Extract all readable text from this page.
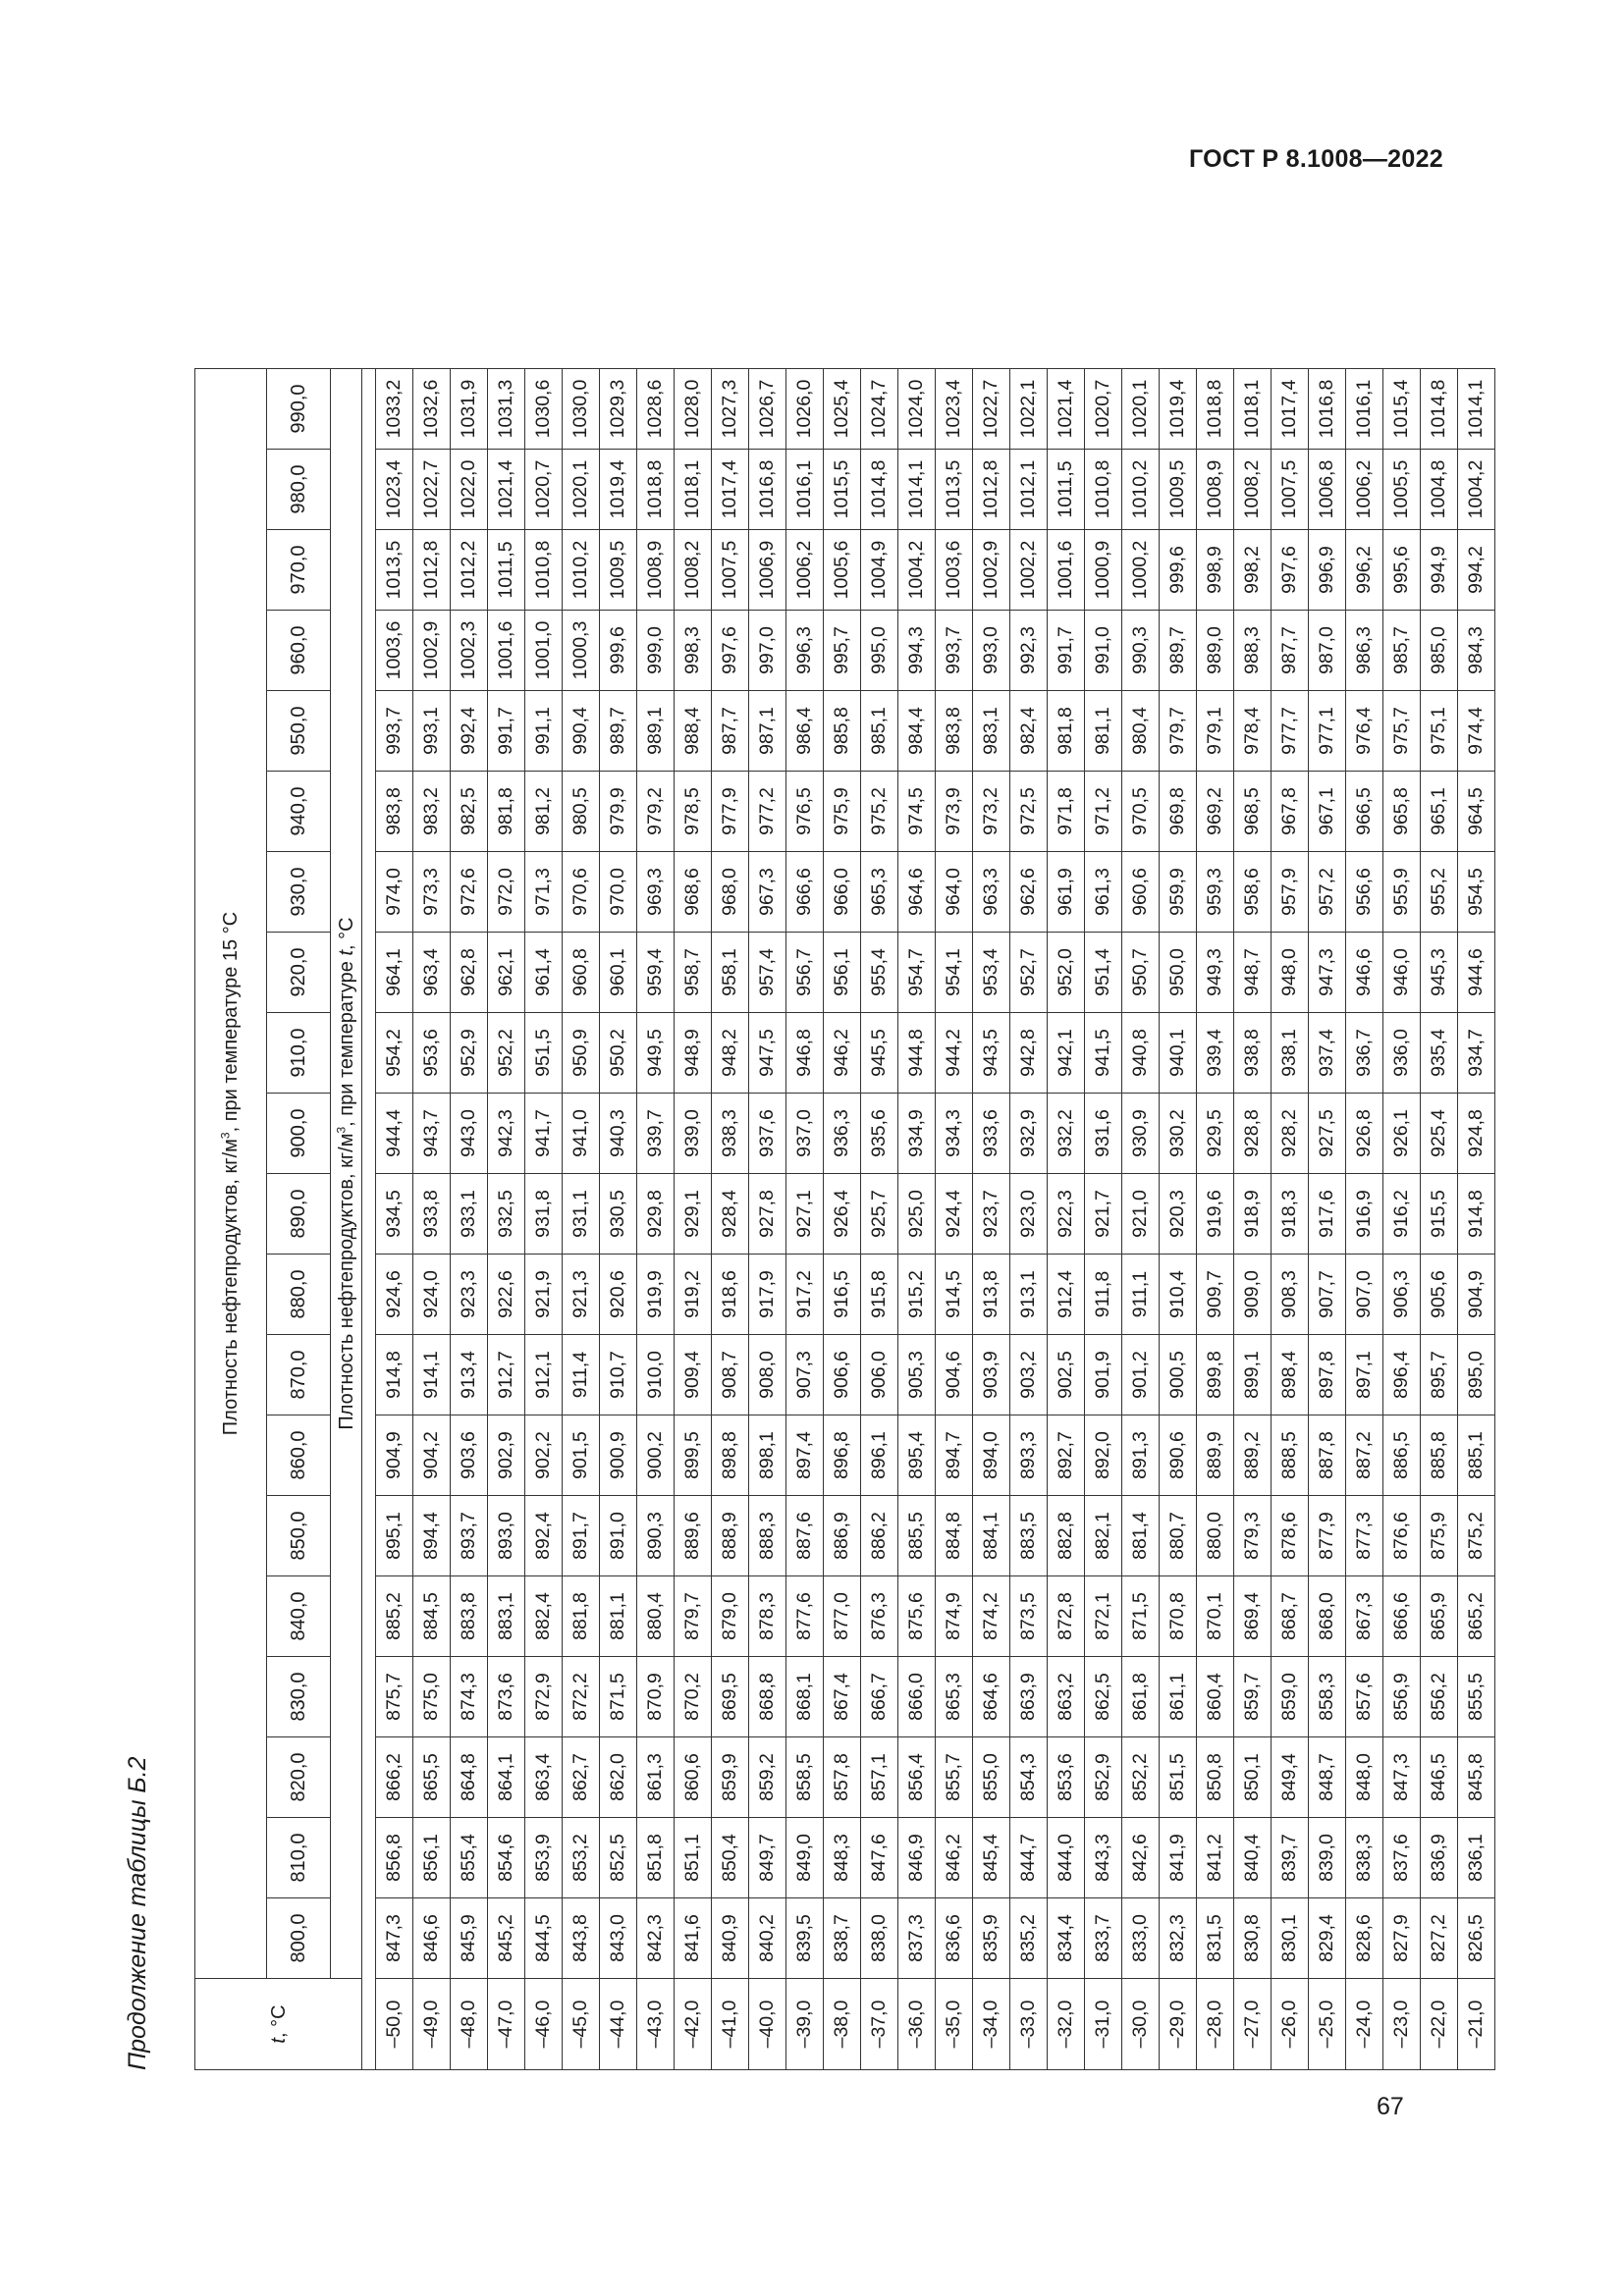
ГОСТ Р 8.1008—2022
Продолжение таблицы Б.2	t, °C	Плотность нефтепродуктов, $кг/м^3$, при температуре 15 °C																			
	800,0	810,0	820,0	830,0	840,0	850,0	860,0	870,0	880,0	890,0	900,0	910,0	920,0	930,0	940,0	950,0	960,0	970,0	980,0	990,0
	Плотность нефтепродуктов, $кг/м^3$, при температуре t, °C																			

–50,0	847,3	856,8	866,2	875,7	885,2	895,1	904,9	914,8	924,6	934,5	944,4	954,2	964,1	974,0	983,8	993,7	1003,6	1013,5	1023,4	1033,2
–49,0	846,6	856,1	865,5	875,0	884,5	894,4	904,2	914,1	924,0	933,8	943,7	953,6	963,4	973,3	983,2	993,1	1002,9	1012,8	1022,7	1032,6
–48,0	845,9	855,4	864,8	874,3	883,8	893,7	903,6	913,4	923,3	933,1	943,0	952,9	962,8	972,6	982,5	992,4	1002,3	1012,2	1022,0	1031,9
–47,0	845,2	854,6	864,1	873,6	883,1	893,0	902,9	912,7	922,6	932,5	942,3	952,2	962,1	972,0	981,8	991,7	1001,6	1011,5	1021,4	1031,3
–46,0	844,5	853,9	863,4	872,9	882,4	892,4	902,2	912,1	921,9	931,8	941,7	951,5	961,4	971,3	981,2	991,1	1001,0	1010,8	1020,7	1030,6
–45,0	843,8	853,2	862,7	872,2	881,8	891,7	901,5	911,4	921,3	931,1	941,0	950,9	960,8	970,6	980,5	990,4	1000,3	1010,2	1020,1	1030,0
–44,0	843,0	852,5	862,0	871,5	881,1	891,0	900,9	910,7	920,6	930,5	940,3	950,2	960,1	970,0	979,9	989,7	999,6	1009,5	1019,4	1029,3
–43,0	842,3	851,8	861,3	870,9	880,4	890,3	900,2	910,0	919,9	929,8	939,7	949,5	959,4	969,3	979,2	989,1	999,0	1008,9	1018,8	1028,6
–42,0	841,6	851,1	860,6	870,2	879,7	889,6	899,5	909,4	919,2	929,1	939,0	948,9	958,7	968,6	978,5	988,4	998,3	1008,2	1018,1	1028,0
–41,0	840,9	850,4	859,9	869,5	879,0	888,9	898,8	908,7	918,6	928,4	938,3	948,2	958,1	968,0	977,9	987,7	997,6	1007,5	1017,4	1027,3
–40,0	840,2	849,7	859,2	868,8	878,3	888,3	898,1	908,0	917,9	927,8	937,6	947,5	957,4	967,3	977,2	987,1	997,0	1006,9	1016,8	1026,7
–39,0	839,5	849,0	858,5	868,1	877,6	887,6	897,4	907,3	917,2	927,1	937,0	946,8	956,7	966,6	976,5	986,4	996,3	1006,2	1016,1	1026,0
–38,0	838,7	848,3	857,8	867,4	877,0	886,9	896,8	906,6	916,5	926,4	936,3	946,2	956,1	966,0	975,9	985,8	995,7	1005,6	1015,5	1025,4
–37,0	838,0	847,6	857,1	866,7	876,3	886,2	896,1	906,0	915,8	925,7	935,6	945,5	955,4	965,3	975,2	985,1	995,0	1004,9	1014,8	1024,7
–36,0	837,3	846,9	856,4	866,0	875,6	885,5	895,4	905,3	915,2	925,0	934,9	944,8	954,7	964,6	974,5	984,4	994,3	1004,2	1014,1	1024,0
–35,0	836,6	846,2	855,7	865,3	874,9	884,8	894,7	904,6	914,5	924,4	934,3	944,2	954,1	964,0	973,9	983,8	993,7	1003,6	1013,5	1023,4
–34,0	835,9	845,4	855,0	864,6	874,2	884,1	894,0	903,9	913,8	923,7	933,6	943,5	953,4	963,3	973,2	983,1	993,0	1002,9	1012,8	1022,7
–33,0	835,2	844,7	854,3	863,9	873,5	883,5	893,3	903,2	913,1	923,0	932,9	942,8	952,7	962,6	972,5	982,4	992,3	1002,2	1012,1	1022,1
–32,0	834,4	844,0	853,6	863,2	872,8	882,8	892,7	902,5	912,4	922,3	932,2	942,1	952,0	961,9	971,8	981,8	991,7	1001,6	1011,5	1021,4
–31,0	833,7	843,3	852,9	862,5	872,1	882,1	892,0	901,9	911,8	921,7	931,6	941,5	951,4	961,3	971,2	981,1	991,0	1000,9	1010,8	1020,7
–30,0	833,0	842,6	852,2	861,8	871,5	881,4	891,3	901,2	911,1	921,0	930,9	940,8	950,7	960,6	970,5	980,4	990,3	1000,2	1010,2	1020,1
–29,0	832,3	841,9	851,5	861,1	870,8	880,7	890,6	900,5	910,4	920,3	930,2	940,1	950,0	959,9	969,8	979,7	989,7	999,6	1009,5	1019,4
–28,0	831,5	841,2	850,8	860,4	870,1	880,0	889,9	899,8	909,7	919,6	929,5	939,4	949,3	959,3	969,2	979,1	989,0	998,9	1008,9	1018,8
–27,0	830,8	840,4	850,1	859,7	869,4	879,3	889,2	899,1	909,0	918,9	928,8	938,8	948,7	958,6	968,5	978,4	988,3	998,2	1008,2	1018,1
–26,0	830,1	839,7	849,4	859,0	868,7	878,6	888,5	898,4	908,3	918,3	928,2	938,1	948,0	957,9	967,8	977,7	987,7	997,6	1007,5	1017,4
–25,0	829,4	839,0	848,7	858,3	868,0	877,9	887,8	897,8	907,7	917,6	927,5	937,4	947,3	957,2	967,1	977,1	987,0	996,9	1006,8	1016,8
–24,0	828,6	838,3	848,0	857,6	867,3	877,3	887,2	897,1	907,0	916,9	926,8	936,7	946,6	956,6	966,5	976,4	986,3	996,2	1006,2	1016,1
–23,0	827,9	837,6	847,3	856,9	866,6	876,6	886,5	896,4	906,3	916,2	926,1	936,0	946,0	955,9	965,8	975,7	985,7	995,6	1005,5	1015,4
–22,0	827,2	836,9	846,5	856,2	865,9	875,9	885,8	895,7	905,6	915,5	925,4	935,4	945,3	955,2	965,1	975,1	985,0	994,9	1004,8	1014,8
–21,0	826,5	836,1	845,8	855,5	865,2	875,2	885,1	895,0	904,9	914,8	924,8	934,7	944,6	954,5	964,5	974,4	984,3	994,2	1004,2	1014,1
67
